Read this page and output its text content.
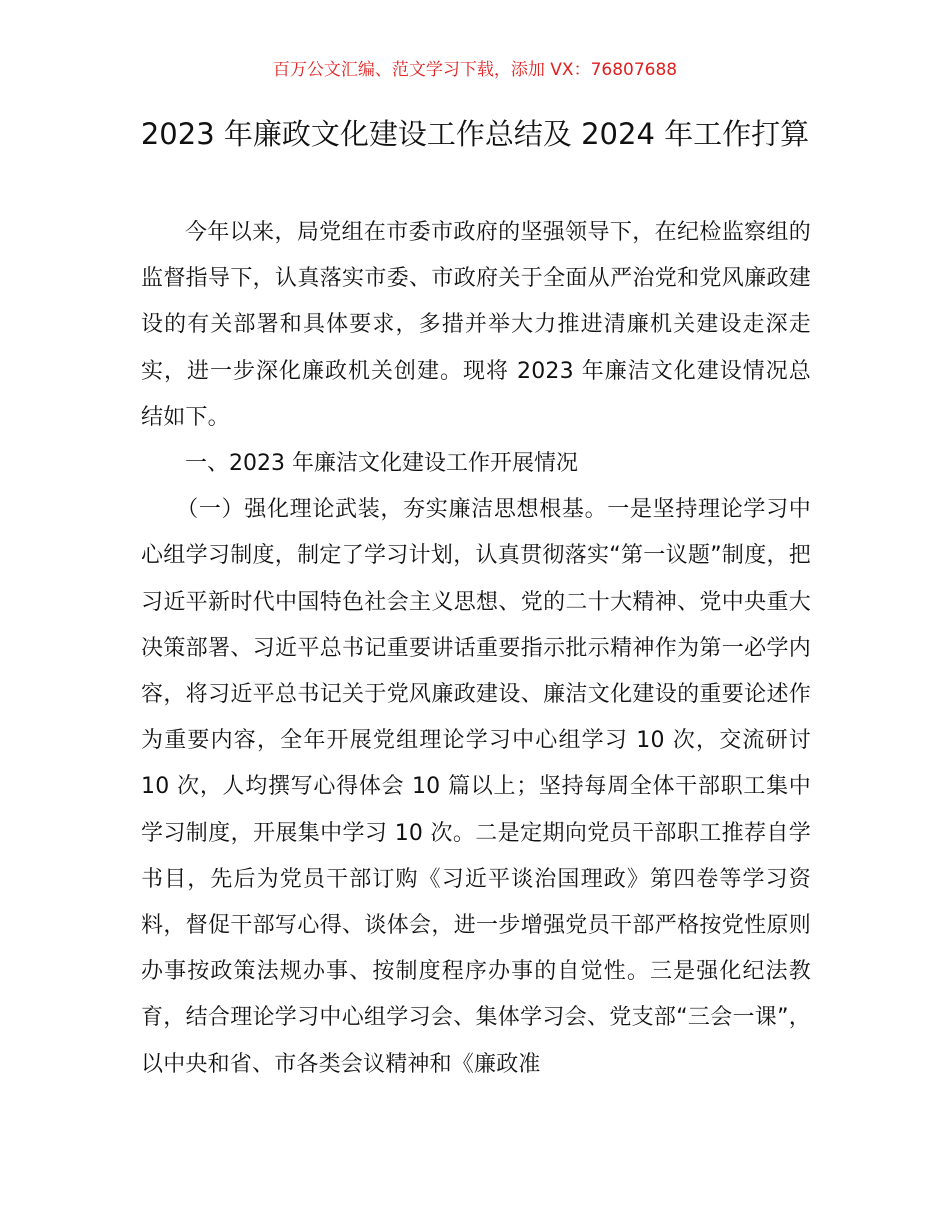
百万公文汇编、范文学习下载，添加 VX：76807688
2023 年廉政文化建设工作总结及 2024 年工作打算

今年以来，局党组在市委市政府的坚强领导下，在纪检监察组的监督指导下，认真落实市委、市政府关于全面从严治党和党风廉政建设的有关部署和具体要求，多措并举大力推进清廉机关建设走深走实，进一步深化廉政机关创建。现将 2023 年廉洁文化建设情况总结如下。

一、2023 年廉洁文化建设工作开展情况

（一）强化理论武装，夯实廉洁思想根基。一是坚持理论学习中心组学习制度，制定了学习计划，认真贯彻落实“第一议题”制度，把习近平新时代中国特色社会主义思想、党的二十大精神、党中央重大决策部署、习近平总书记重要讲话重要指示批示精神作为第一必学内容，将习近平总书记关于党风廉政建设、廉洁文化建设的重要论述作为重要内容，全年开展党组理论学习中心组学习 10 次，交流研讨 10 次，人均撰写心得体会 10 篇以上；坚持每周全体干部职工集中学习制度，开展集中学习 10 次。二是定期向党员干部职工推荐自学书目，先后为党员干部订购《习近平谈治国理政》第四卷等学习资料，督促干部写心得、谈体会，进一步增强党员干部严格按党性原则办事按政策法规办事、按制度程序办事的自觉性。三是强化纪法教育，结合理论学习中心组学习会、集体学习会、党支部“三会一课”，以中央和省、市各类会议精神和《廉政准
